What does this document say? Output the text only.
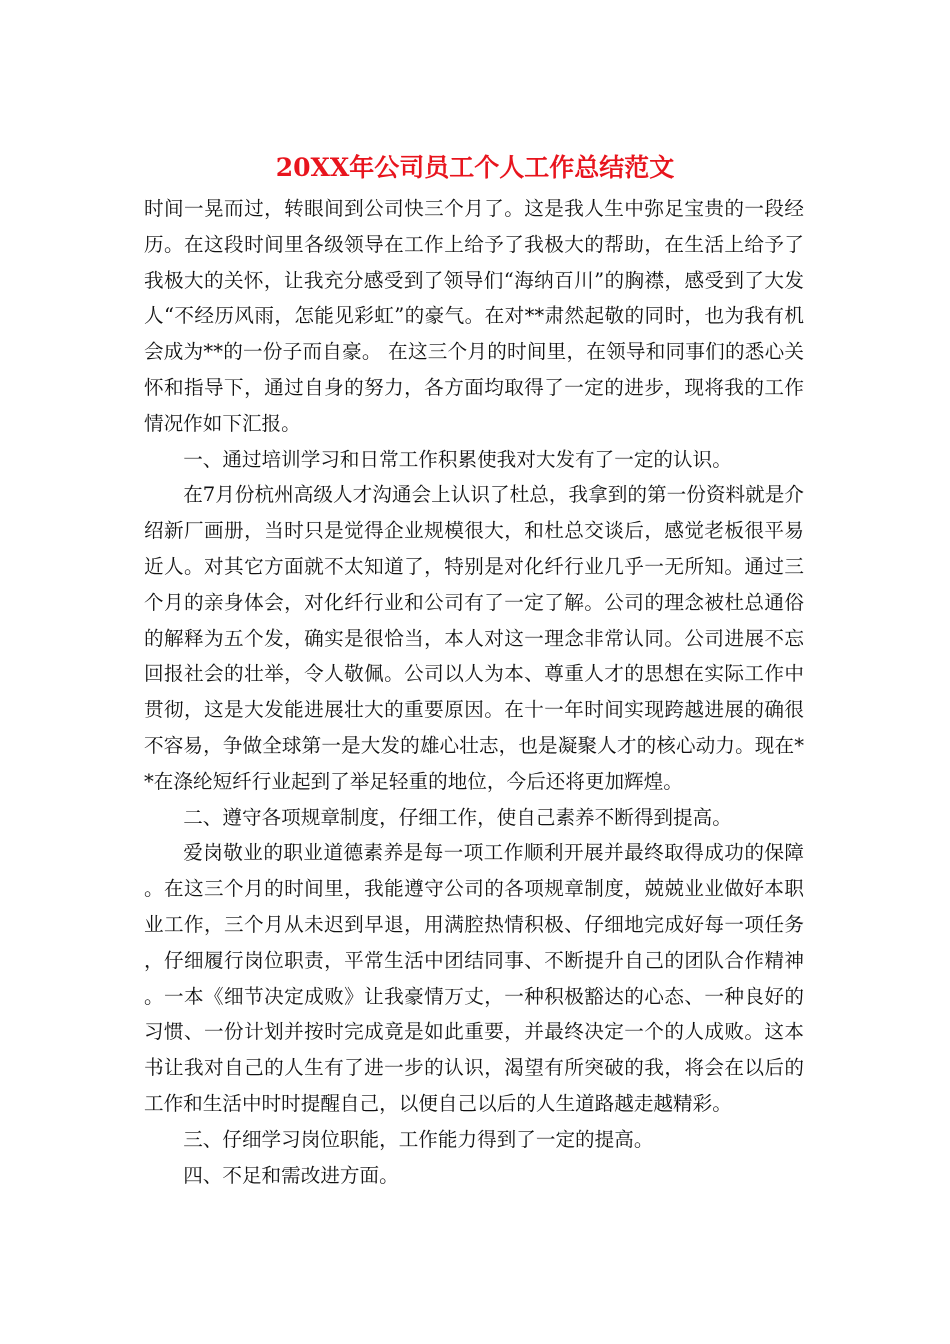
20XX年公司员工个人工作总结范文

时间一晃而过，转眼间到公司快三个月了。这是我人生中弥足宝贵的一段经历。在这段时间里各级领导在工作上给予了我极大的帮助，在生活上给予了我极大的关怀，让我充分感受到了领导们“海纳百川”的胸襟，感受到了大发人“不经历风雨，怎能见彩虹”的豪气。在对**肃然起敬的同时，也为我有机会成为**的一份子而自豪。 在这三个月的时间里，在领导和同事们的悉心关怀和指导下，通过自身的努力，各方面均取得了一定的进步，现将我的工作情况作如下汇报。

一、通过培训学习和日常工作积累使我对大发有了一定的认识。

在7月份杭州高级人才沟通会上认识了杜总，我拿到的第一份资料就是介绍新厂画册，当时只是觉得企业规模很大，和杜总交谈后，感觉老板很平易近人。对其它方面就不太知道了，特别是对化纤行业几乎一无所知。通过三个月的亲身体会，对化纤行业和公司有了一定了解。公司的理念被杜总通俗的解释为五个发，确实是很恰当，本人对这一理念非常认同。公司进展不忘回报社会的壮举，令人敬佩。公司以人为本、尊重人才的思想在实际工作中贯彻，这是大发能进展壮大的重要原因。在十一年时间实现跨越进展的确很不容易，争做全球第一是大发的雄心壮志，也是凝聚人才的核心动力。现在**在涤纶短纤行业起到了举足轻重的地位，今后还将更加辉煌。

二、遵守各项规章制度，仔细工作，使自己素养不断得到提高。

爱岗敬业的职业道德素养是每一项工作顺利开展并最终取得成功的保障。在这三个月的时间里，我能遵守公司的各项规章制度，兢兢业业做好本职业工作，三个月从未迟到早退，用满腔热情积极、仔细地完成好每一项任务，仔细履行岗位职责，平常生活中团结同事、不断提升自己的团队合作精神。一本《细节决定成败》让我豪情万丈，一种积极豁达的心态、一种良好的习惯、一份计划并按时完成竟是如此重要，并最终决定一个的人成败。这本书让我对自己的人生有了进一步的认识，渴望有所突破的我，将会在以后的工作和生活中时时提醒自己，以便自己以后的人生道路越走越精彩。

三、仔细学习岗位职能，工作能力得到了一定的提高。

四、不足和需改进方面。
